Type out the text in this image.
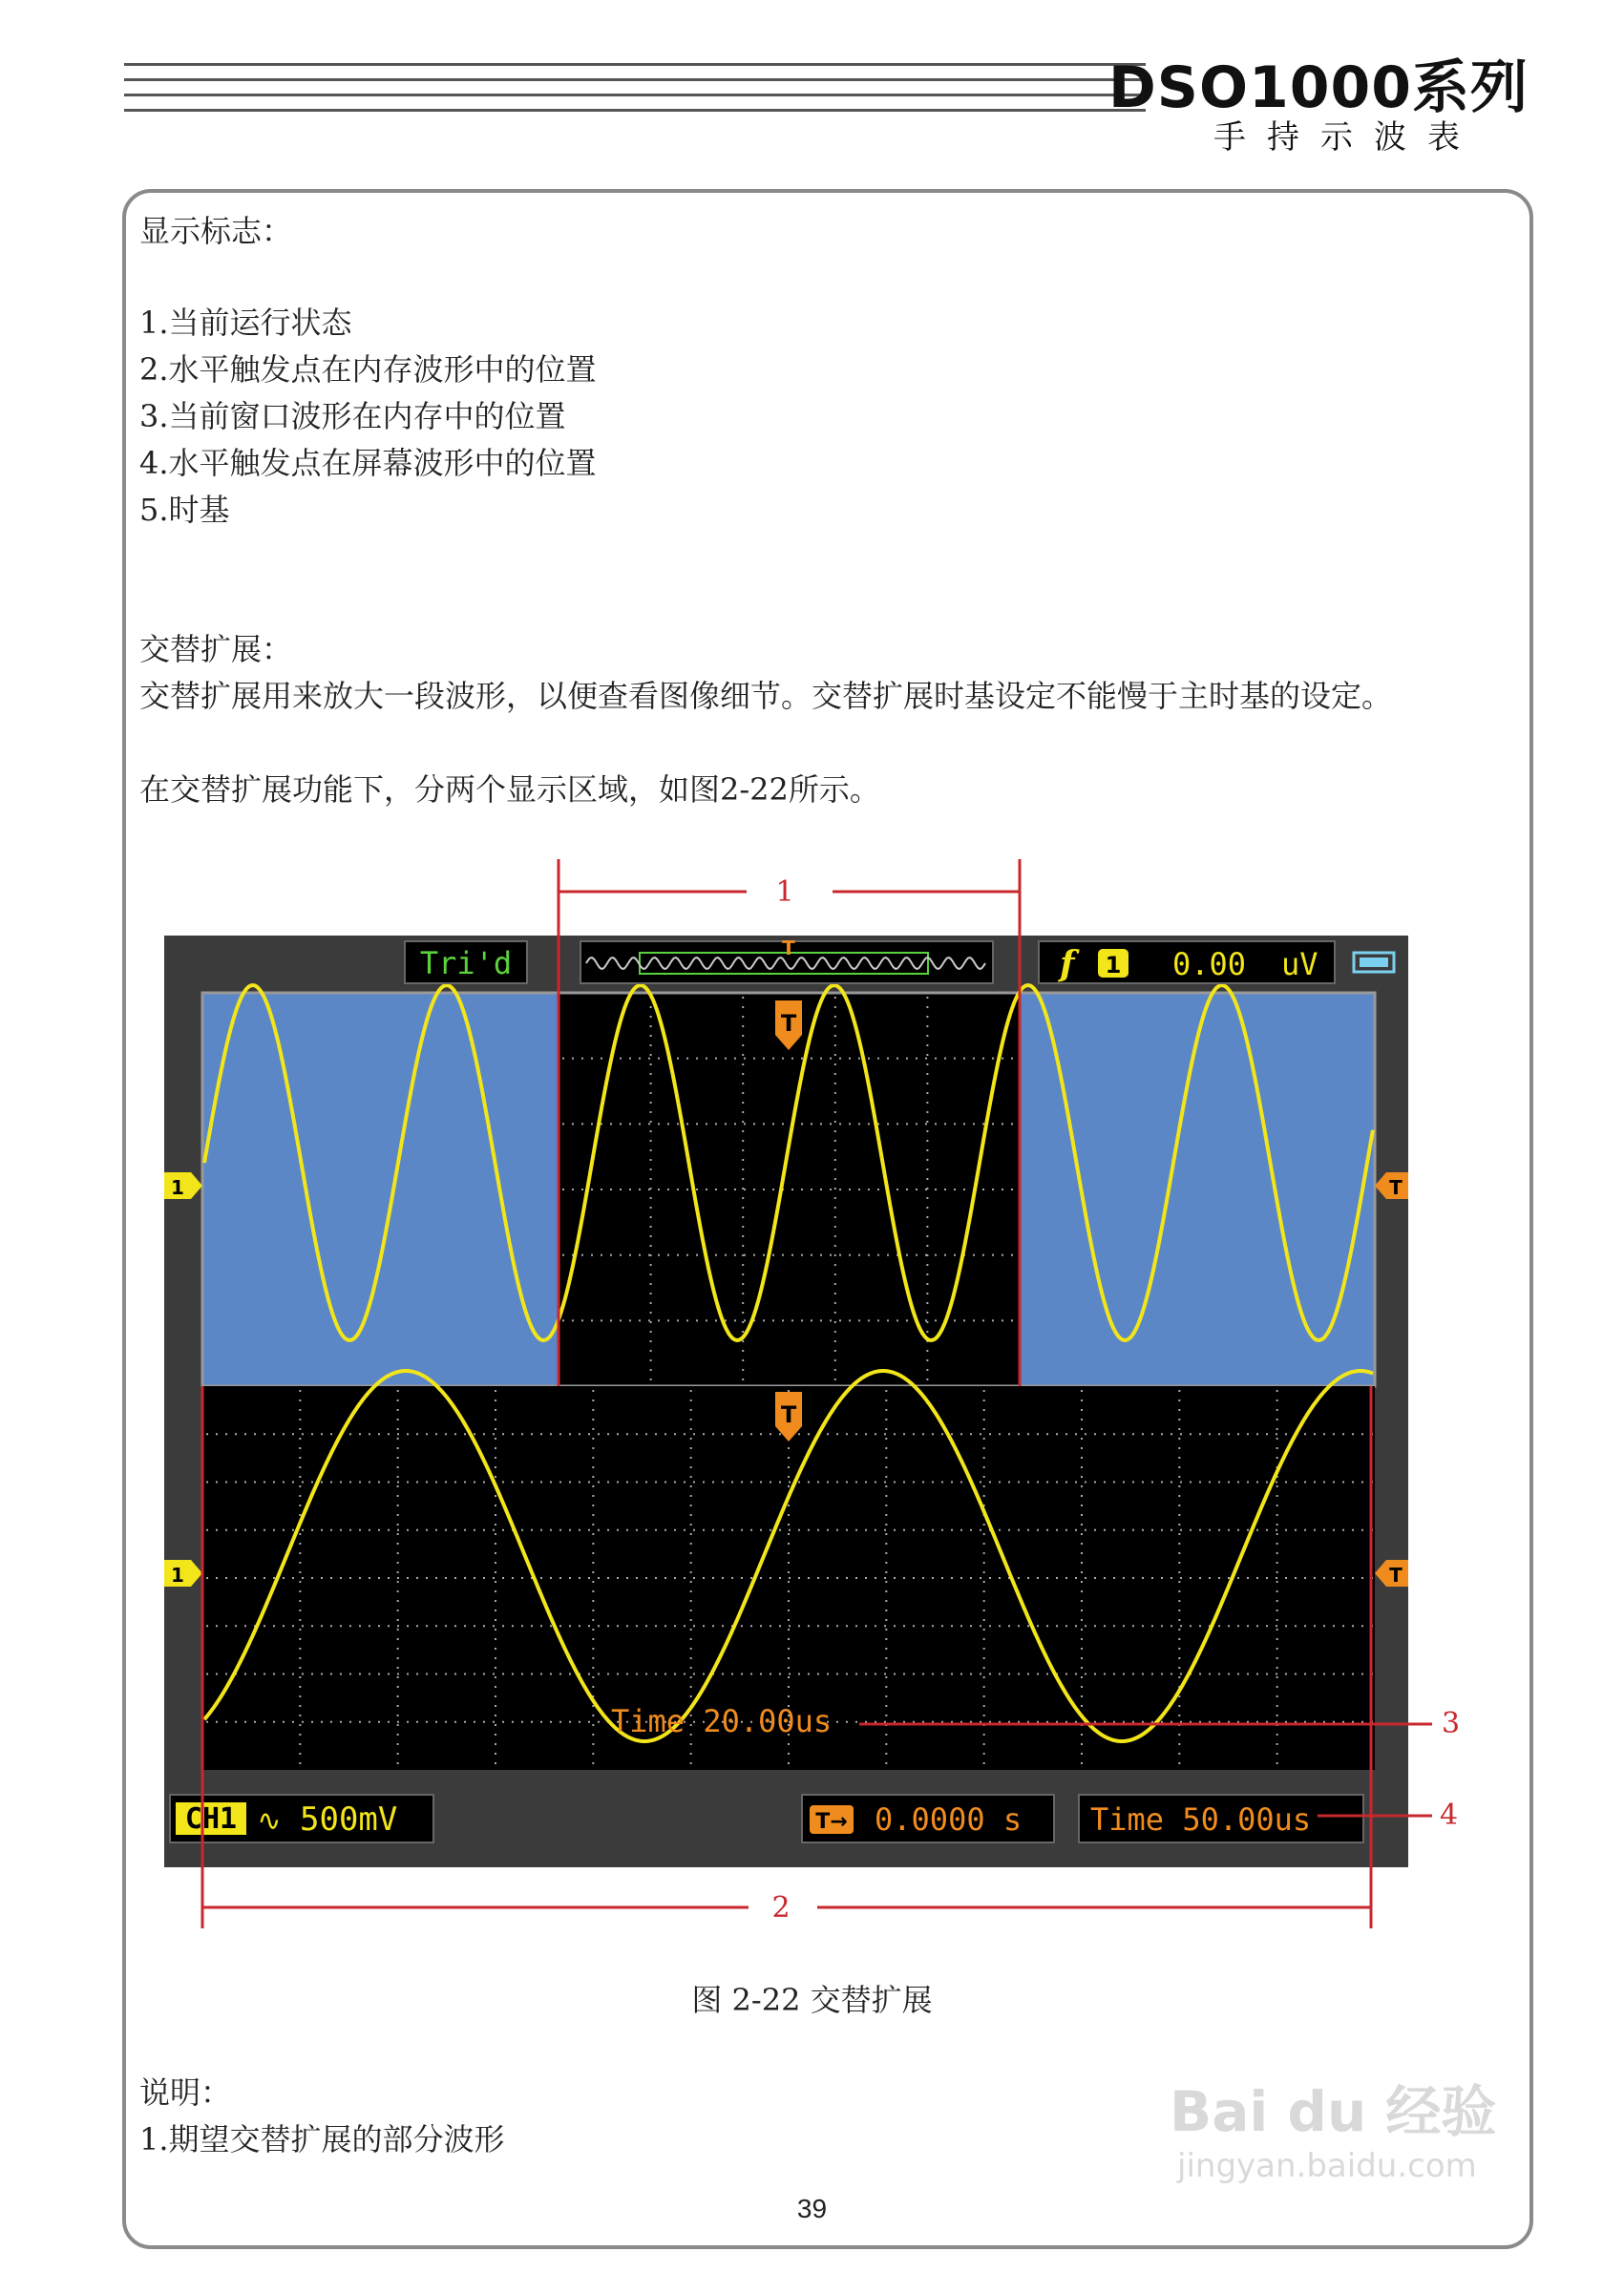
DSO1000系列
手持示波表
显示标志：
1.当前运行状态
2.水平触发点在内存波形中的位置
3.当前窗口波形在内存中的位置
4.水平触发点在屏幕波形中的位置
5.时基
交替扩展：
交替扩展用来放大一段波形，以便查看图像细节。交替扩展时基设定不能慢于主时基的设定。
在交替扩展功能下，分两个显示区域，如图2-22所示。
Tri'd	T	f 1 0.00 uV
T
T
1	T
1	T
Time 20.00us
CH1 ∿ 500mV	T→ 0.0000 s Time 50.00us
1
2
3
4
图 2-22 交替扩展
说明：
1.期望交替扩展的部分波形
39
Bai du 经验
jingyan.baidu.com
